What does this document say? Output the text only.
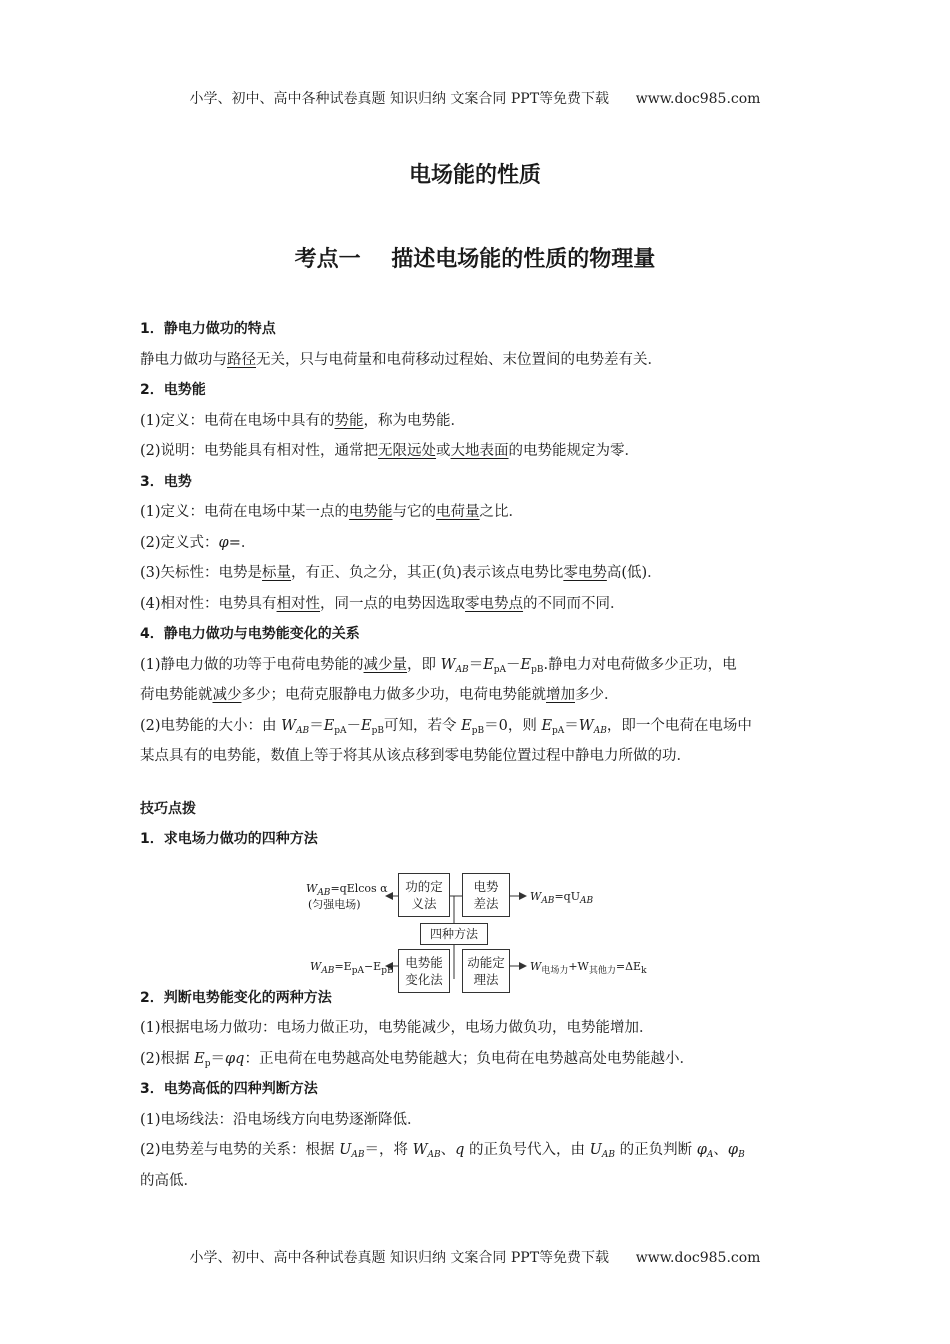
小学、初中、高中各种试卷真题 知识归纳 文案合同 PPT等免费下载      www.doc985.com
电场能的性质
考点一    描述电场能的性质的物理量
1．静电力做功的特点
静电力做功与路径无关，只与电荷量和电荷移动过程始、末位置间的电势差有关．
2．电势能
(1)定义：电荷在电场中具有的势能，称为电势能．
(2)说明：电势能具有相对性，通常把无限远处或大地表面的电势能规定为零．
3．电势
(1)定义：电荷在电场中某一点的电势能与它的电荷量之比．
(2)定义式：φ=．
(3)矢标性：电势是标量，有正、负之分，其正(负)表示该点电势比零电势高(低)．
(4)相对性：电势具有相对性，同一点的电势因选取零电势点的不同而不同．
4．静电力做功与电势能变化的关系
(1)静电力做的功等于电荷电势能的减少量，即 $W_{AB}=E_{pA}-E_{pB}$.静电力对电荷做多少正功，电
荷电势能就减少多少；电荷克服静电力做多少功，电荷电势能就增加多少．
(2)电势能的大小：由 $W_{AB}=E_{pA}-E_{pB}$可知，若令 $E_{pB}=0$，则 $E_{pA}=W_{AB}$，即一个电荷在电场中
某点具有的电势能，数值上等于将其从该点移到零电势能位置过程中静电力所做的功．
技巧点拨
1．求电场力做功的四种方法
功的定
义法
电势
差法
四种方法
电势能
变化法
动能定
理法
$W_{AB}=qElcos$ α
(匀强电场)
$W_{AB}=qU_{AB}$
$W_{AB}=E_{pA}-E_{pB}$	$W_{电场力}+W_{其他力}=\Delta E_k$
2．判断电势能变化的两种方法
(1)根据电场力做功：电场力做正功，电势能减少，电场力做负功，电势能增加．
(2)根据 $E_p=\varphi q$：正电荷在电势越高处电势能越大；负电荷在电势越高处电势能越小．
3．电势高低的四种判断方法
(1)电场线法：沿电场线方向电势逐渐降低．
(2)电势差与电势的关系：根据 $U_{AB}=$，将 $W_{AB}$、q 的正负号代入，由 $U_{AB}$ 的正负判断 $\varphi_A$、$\varphi_B$
的高低．
小学、初中、高中各种试卷真题 知识归纳 文案合同 PPT等免费下载      www.doc985.com
